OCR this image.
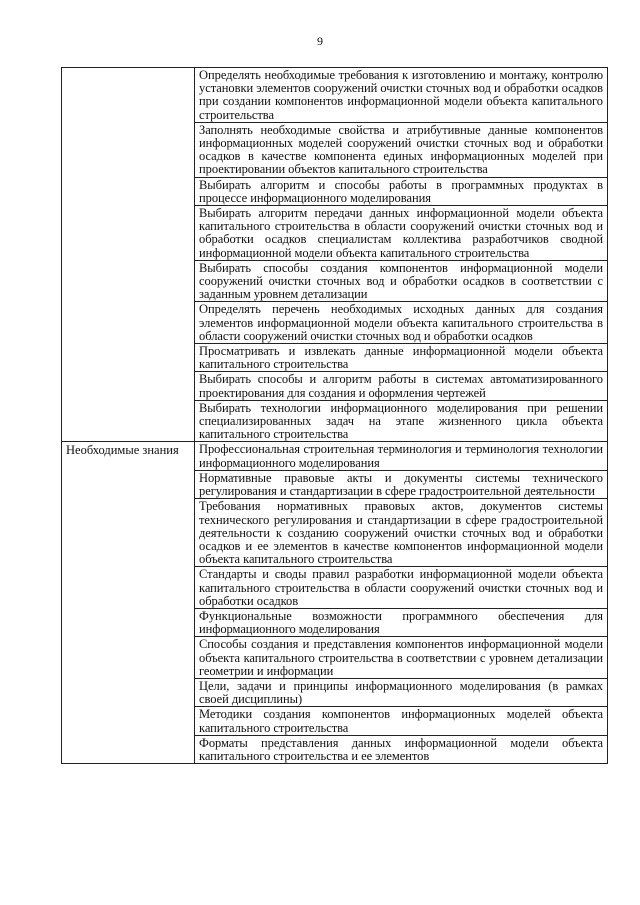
9
	Определять необходимые требования к изготовлению и монтажу, контролю установки элементов сооружений очистки сточных вод и обработки осадков при создании компонентов информационной модели объекта капитального строительства
	Заполнять необходимые свойства и атрибутивные данные компонентов информационных моделей сооружений очистки сточных вод и обработки осадков в качестве компонента единых информационных моделей при проектировании объектов капитального строительства
	Выбирать алгоритм и способы работы в программных продуктах в процессе информационного моделирования
	Выбирать алгоритм передачи данных информационной модели объекта капитального строительства в области сооружений очистки сточных вод и обработки осадков специалистам коллектива разработчиков сводной информационной модели объекта капитального строительства
	Выбирать способы создания компонентов информационной модели сооружений очистки сточных вод и обработки осадков в соответствии с заданным уровнем детализации
	Определять перечень необходимых исходных данных для создания элементов информационной модели объекта капитального строительства в области сооружений очистки сточных вод и обработки осадков
	Просматривать и извлекать данные информационной модели объекта капитального строительства
	Выбирать способы и алгоритм работы в системах автоматизированного проектирования для создания и оформления чертежей
	Выбирать технологии информационного моделирования при решении специализированных задач на этапе жизненного цикла объекта капитального строительства
Необходимые знания	Профессиональная строительная терминология и терминология технологии информационного моделирования
	Нормативные правовые акты и документы системы технического регулирования и стандартизации в сфере градостроительной деятельности
	Требования нормативных правовых актов, документов системы технического регулирования и стандартизации в сфере градостроительной деятельности к созданию сооружений очистки сточных вод и обработки осадков и ее элементов в качестве компонентов информационной модели объекта капитального строительства
	Стандарты и своды правил разработки информационной модели объекта капитального строительства в области сооружений очистки сточных вод и обработки осадков
	Функциональные возможности программного обеспечения для информационного моделирования
	Способы создания и представления компонентов информационной модели объекта капитального строительства в соответствии с уровнем детализации геометрии и информации
	Цели, задачи и принципы информационного моделирования (в рамках своей дисциплины)
	Методики создания компонентов информационных моделей объекта капитального строительства
	Форматы представления данных информационной модели объекта капитального строительства и ее элементов
